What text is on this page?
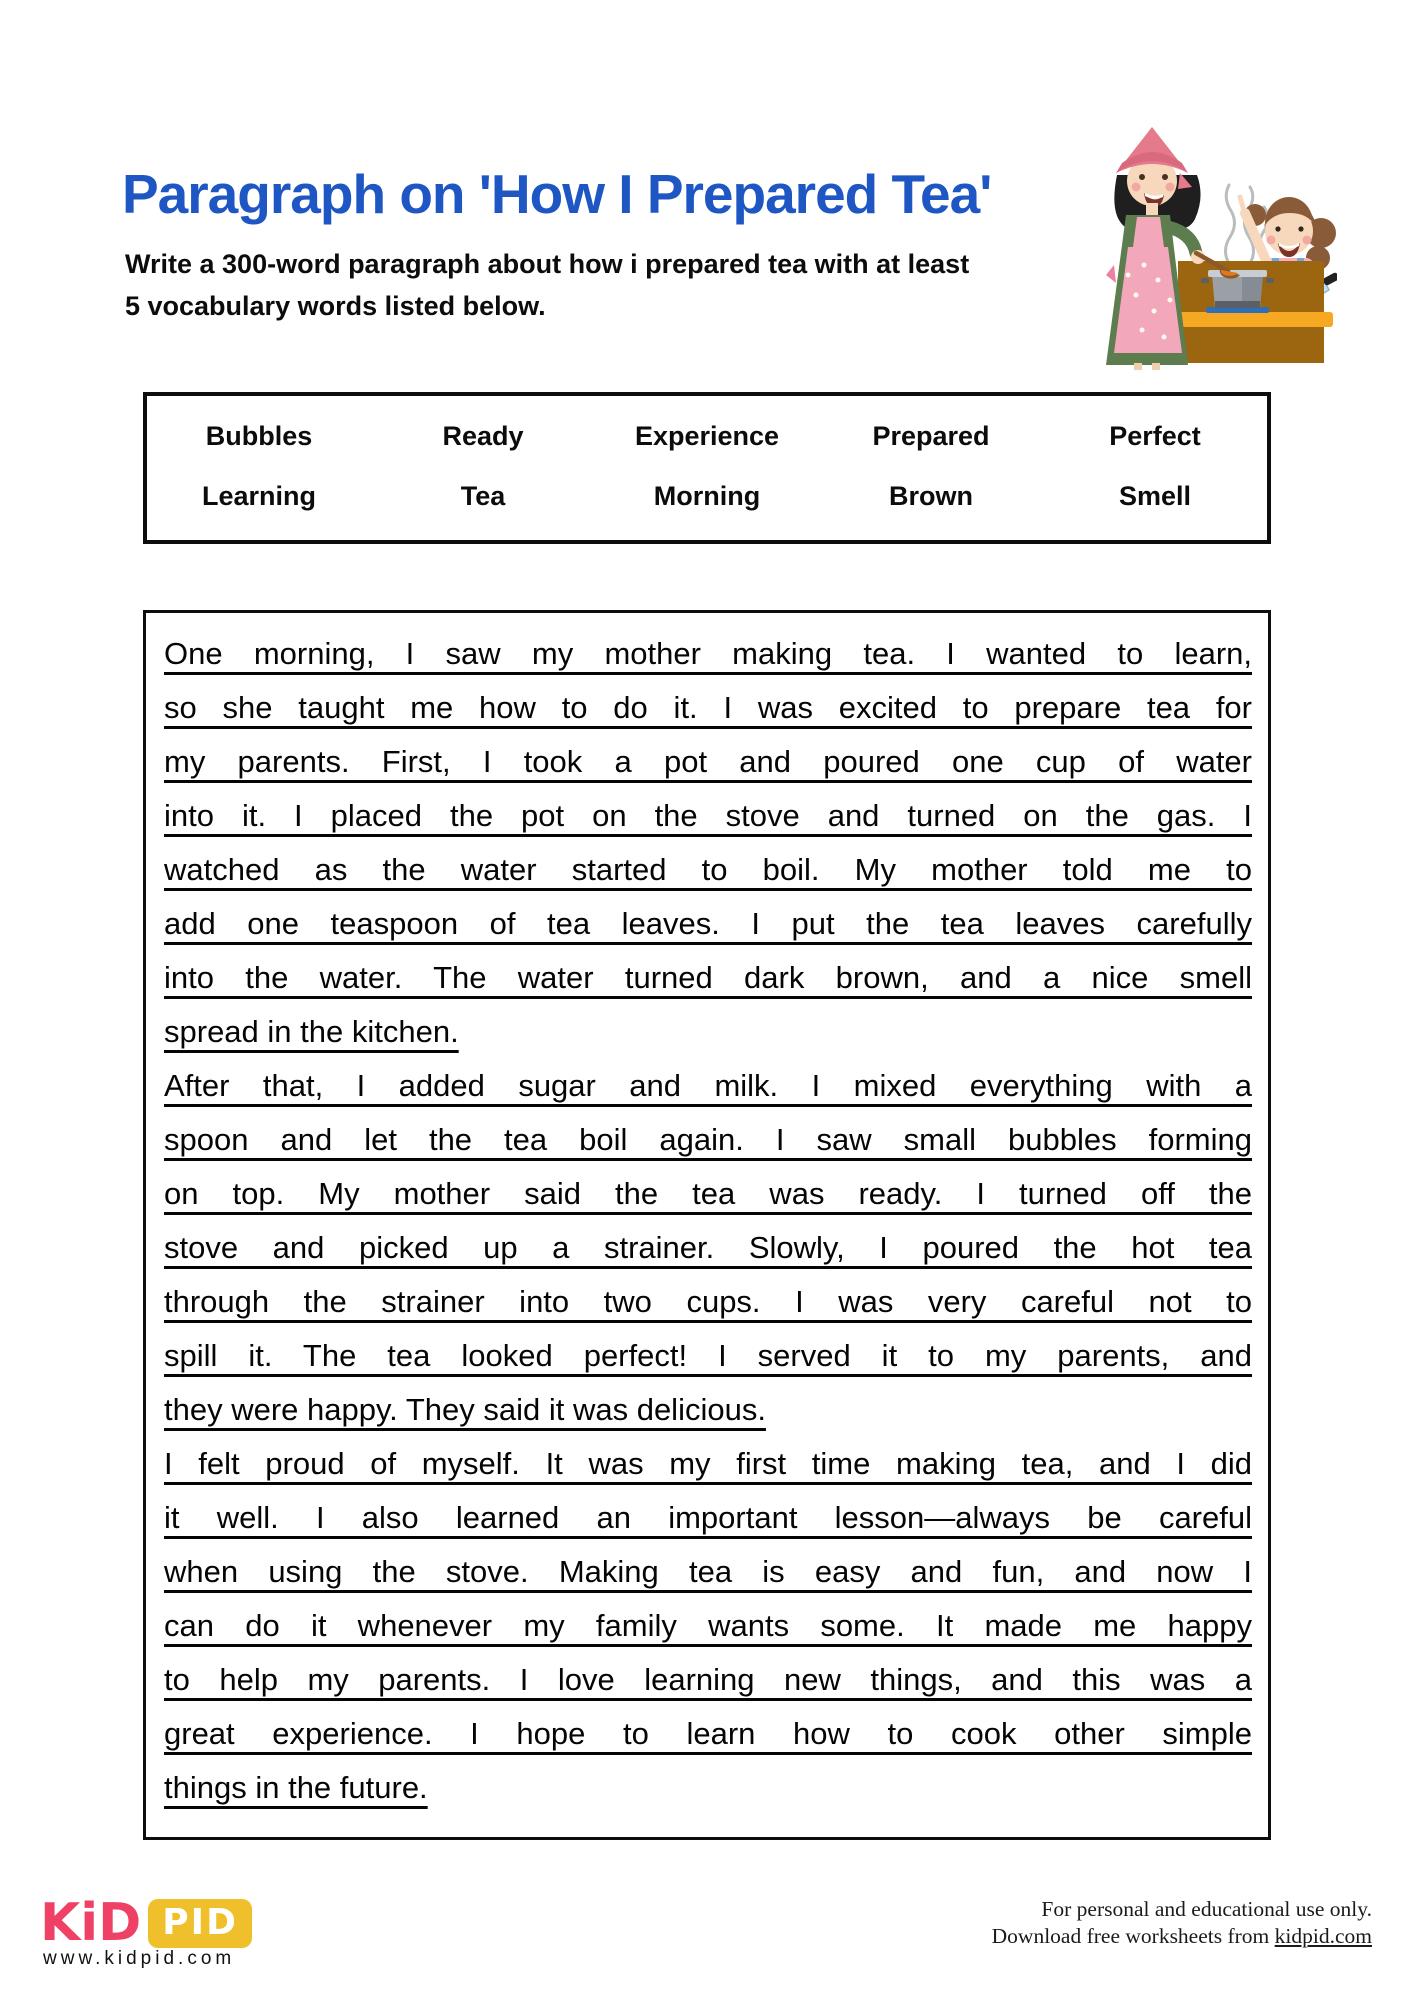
Paragraph on 'How I Prepared Tea'
Write a 300-word paragraph about how i prepared tea with at least
5 vocabulary words listed below.
Bubbles	Ready	Experience	Prepared	Perfect
Learning	Tea	Morning	Brown	Smell
One morning, I saw my mother making tea. I wanted to learn,
so she taught me how to do it. I was excited to prepare tea for
my parents. First, I took a pot and poured one cup of water
into it. I placed the pot on the stove and turned on the gas. I
watched as the water started to boil. My mother told me to
add one teaspoon of tea leaves. I put the tea leaves carefully
into the water. The water turned dark brown, and a nice smell
spread in the kitchen.
After that, I added sugar and milk. I mixed everything with a
spoon and let the tea boil again. I saw small bubbles forming
on top. My mother said the tea was ready. I turned off the
stove and picked up a strainer. Slowly, I poured the hot tea
through the strainer into two cups. I was very careful not to
spill it. The tea looked perfect! I served it to my parents, and
they were happy. They said it was delicious.
I felt proud of myself. It was my first time making tea, and I did
it well. I also learned an important lesson—always be careful
when using the stove. Making tea is easy and fun, and now I
can do it whenever my family wants some. It made me happy
to help my parents. I love learning new things, and this was a
great experience. I hope to learn how to cook other simple
things in the future.
KiD PID
www.kidpid.com
For personal and educational use only.
Download free worksheets from kidpid.com
